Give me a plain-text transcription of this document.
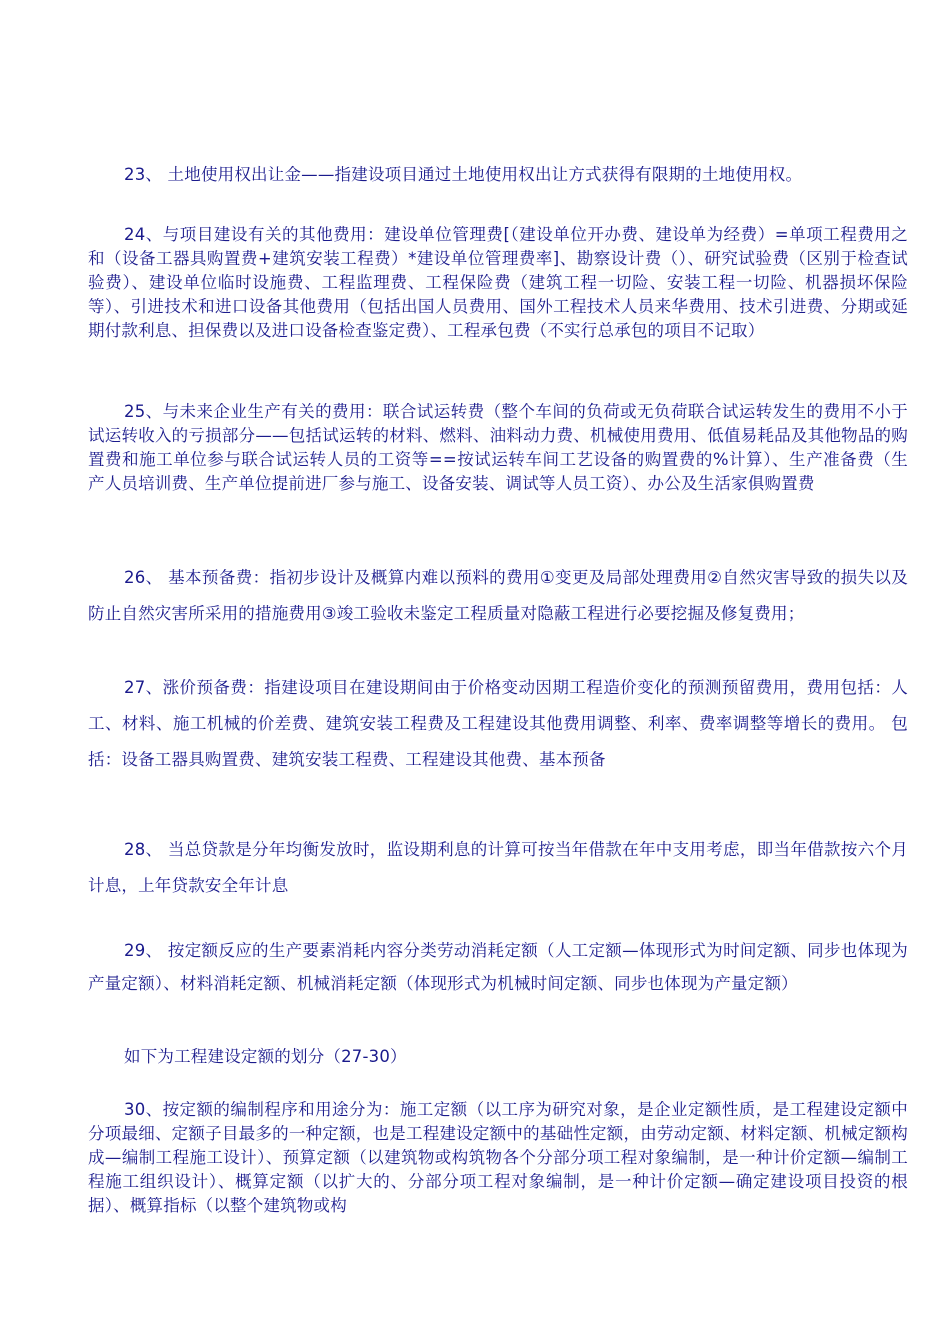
23、 土地使用权出让金——指建设项目通过土地使用权出让方式获得有限期的土地使用权。

24、与项目建设有关的其他费用：建设单位管理费[（建设单位开办费、建设单为经费）=单项工程费用之和（设备工器具购置费+建筑安装工程费）*建设单位管理费率]、勘察设计费（）、研究试验费（区别于检查试验费）、建设单位临时设施费、工程监理费、工程保险费（建筑工程一切险、安装工程一切险、机器损坏保险等）、引进技术和进口设备其他费用（包括出国人员费用、国外工程技术人员来华费用、技术引进费、分期或延期付款利息、担保费以及进口设备检查鉴定费）、工程承包费（不实行总承包的项目不记取）

25、与未来企业生产有关的费用：联合试运转费（整个车间的负荷或无负荷联合试运转发生的费用不小于试运转收入的亏损部分——包括试运转的材料、燃料、油料动力费、机械使用费用、低值易耗品及其他物品的购置费和施工单位参与联合试运转人员的工资等==按试运转车间工艺设备的购置费的%计算）、生产准备费（生产人员培训费、生产单位提前进厂参与施工、设备安装、调试等人员工资）、办公及生活家俱购置费

26、 基本预备费：指初步设计及概算内难以预料的费用①变更及局部处理费用②自然灾害导致的损失以及防止自然灾害所采用的措施费用③竣工验收未鉴定工程质量对隐蔽工程进行必要挖掘及修复费用；

27、涨价预备费：指建设项目在建设期间由于价格变动因期工程造价变化的预测预留费用，费用包括：人工、材料、施工机械的价差费、建筑安装工程费及工程建设其他费用调整、利率、费率调整等增长的费用。 包括：设备工器具购置费、建筑安装工程费、工程建设其他费、基本预备

28、 当总贷款是分年均衡发放时，监设期利息的计算可按当年借款在年中支用考虑，即当年借款按六个月计息，上年贷款安全年计息

29、 按定额反应的生产要素消耗内容分类劳动消耗定额（人工定额—体现形式为时间定额、同步也体现为产量定额）、材料消耗定额、机械消耗定额（体现形式为机械时间定额、同步也体现为产量定额）

如下为工程建设定额的划分（27-30）

30、按定额的编制程序和用途分为：施工定额（以工序为研究对象，是企业定额性质，是工程建设定额中分项最细、定额子目最多的一种定额，也是工程建设定额中的基础性定额，由劳动定额、材料定额、机械定额构成—编制工程施工设计）、预算定额（以建筑物或构筑物各个分部分项工程对象编制，是一种计价定额—编制工程施工组织设计）、概算定额（以扩大的、分部分项工程对象编制，是一种计价定额—确定建设项目投资的根据）、概算指标（以整个建筑物或构
